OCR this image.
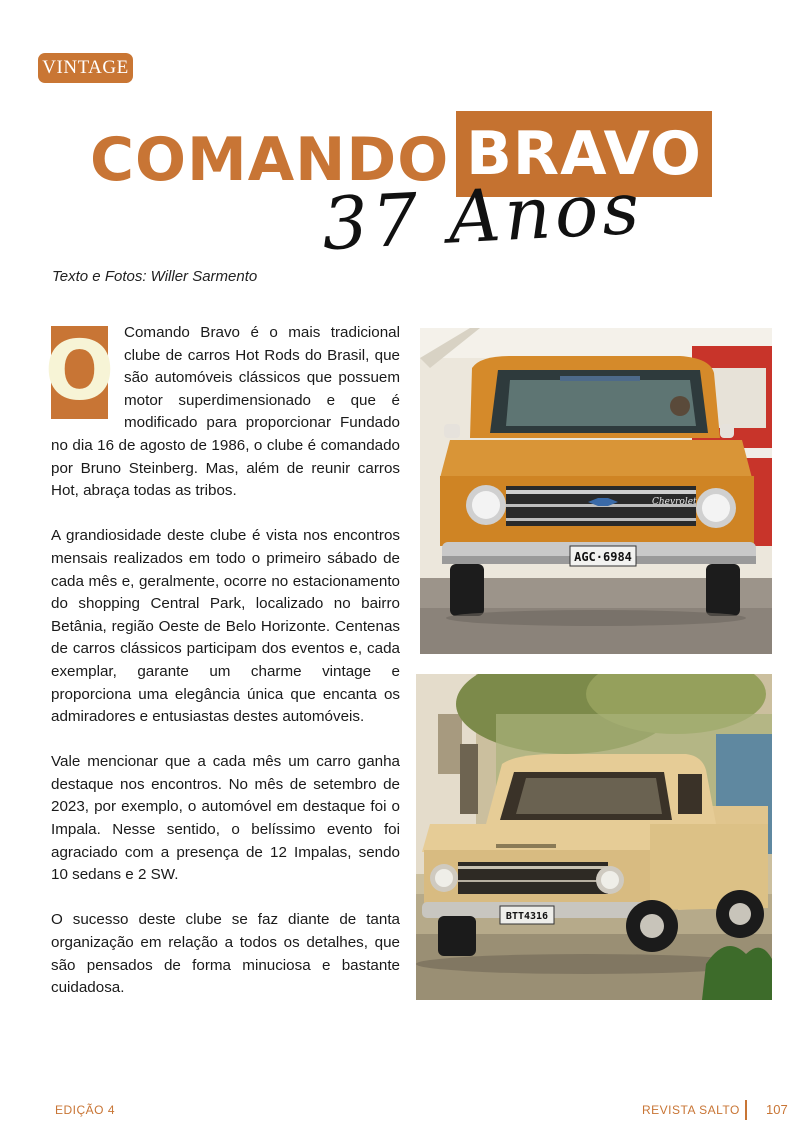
VINTAGE
COMANDO BRAVO
37 Anos
Texto e Fotos: Willer Sarmento
O Comando Bravo é o mais tradicional clube de carros Hot Rods do Brasil, que são automóveis clássicos que possuem motor superdimensionado e que é modificado para proporcionar Fundado no dia 16 de agosto de 1986, o clube é comandado por Bruno Steinberg. Mas, além de reunir carros Hot, abraça todas as tribos.

A grandiosidade deste clube é vista nos encontros mensais realizados em todo o primeiro sábado de cada mês e, geralmente, ocorre no estacionamento do shopping Central Park, localizado no bairro Betânia, região Oeste de Belo Horizonte. Centenas de carros clássicos participam dos eventos e, cada exemplar, garante um charme vintage e proporciona uma elegância única que encanta os admiradores e entusiastas destes automóveis.

Vale mencionar que a cada mês um carro ganha destaque nos encontros. No mês de setembro de 2023, por exemplo, o automóvel em destaque foi o Impala. Nesse sentido, o belíssimo evento foi agraciado com a presença de 12 Impalas, sendo 10 sedans e 2 SW.

O sucesso deste clube se faz diante de tanta organização em relação a todos os detalhes, que são pensados de forma minuciosa e bastante cuidadosa.

Chevrolet
AGC·6984
BTT4316
EDIÇÃO 4	REVISTA SALTO 107
